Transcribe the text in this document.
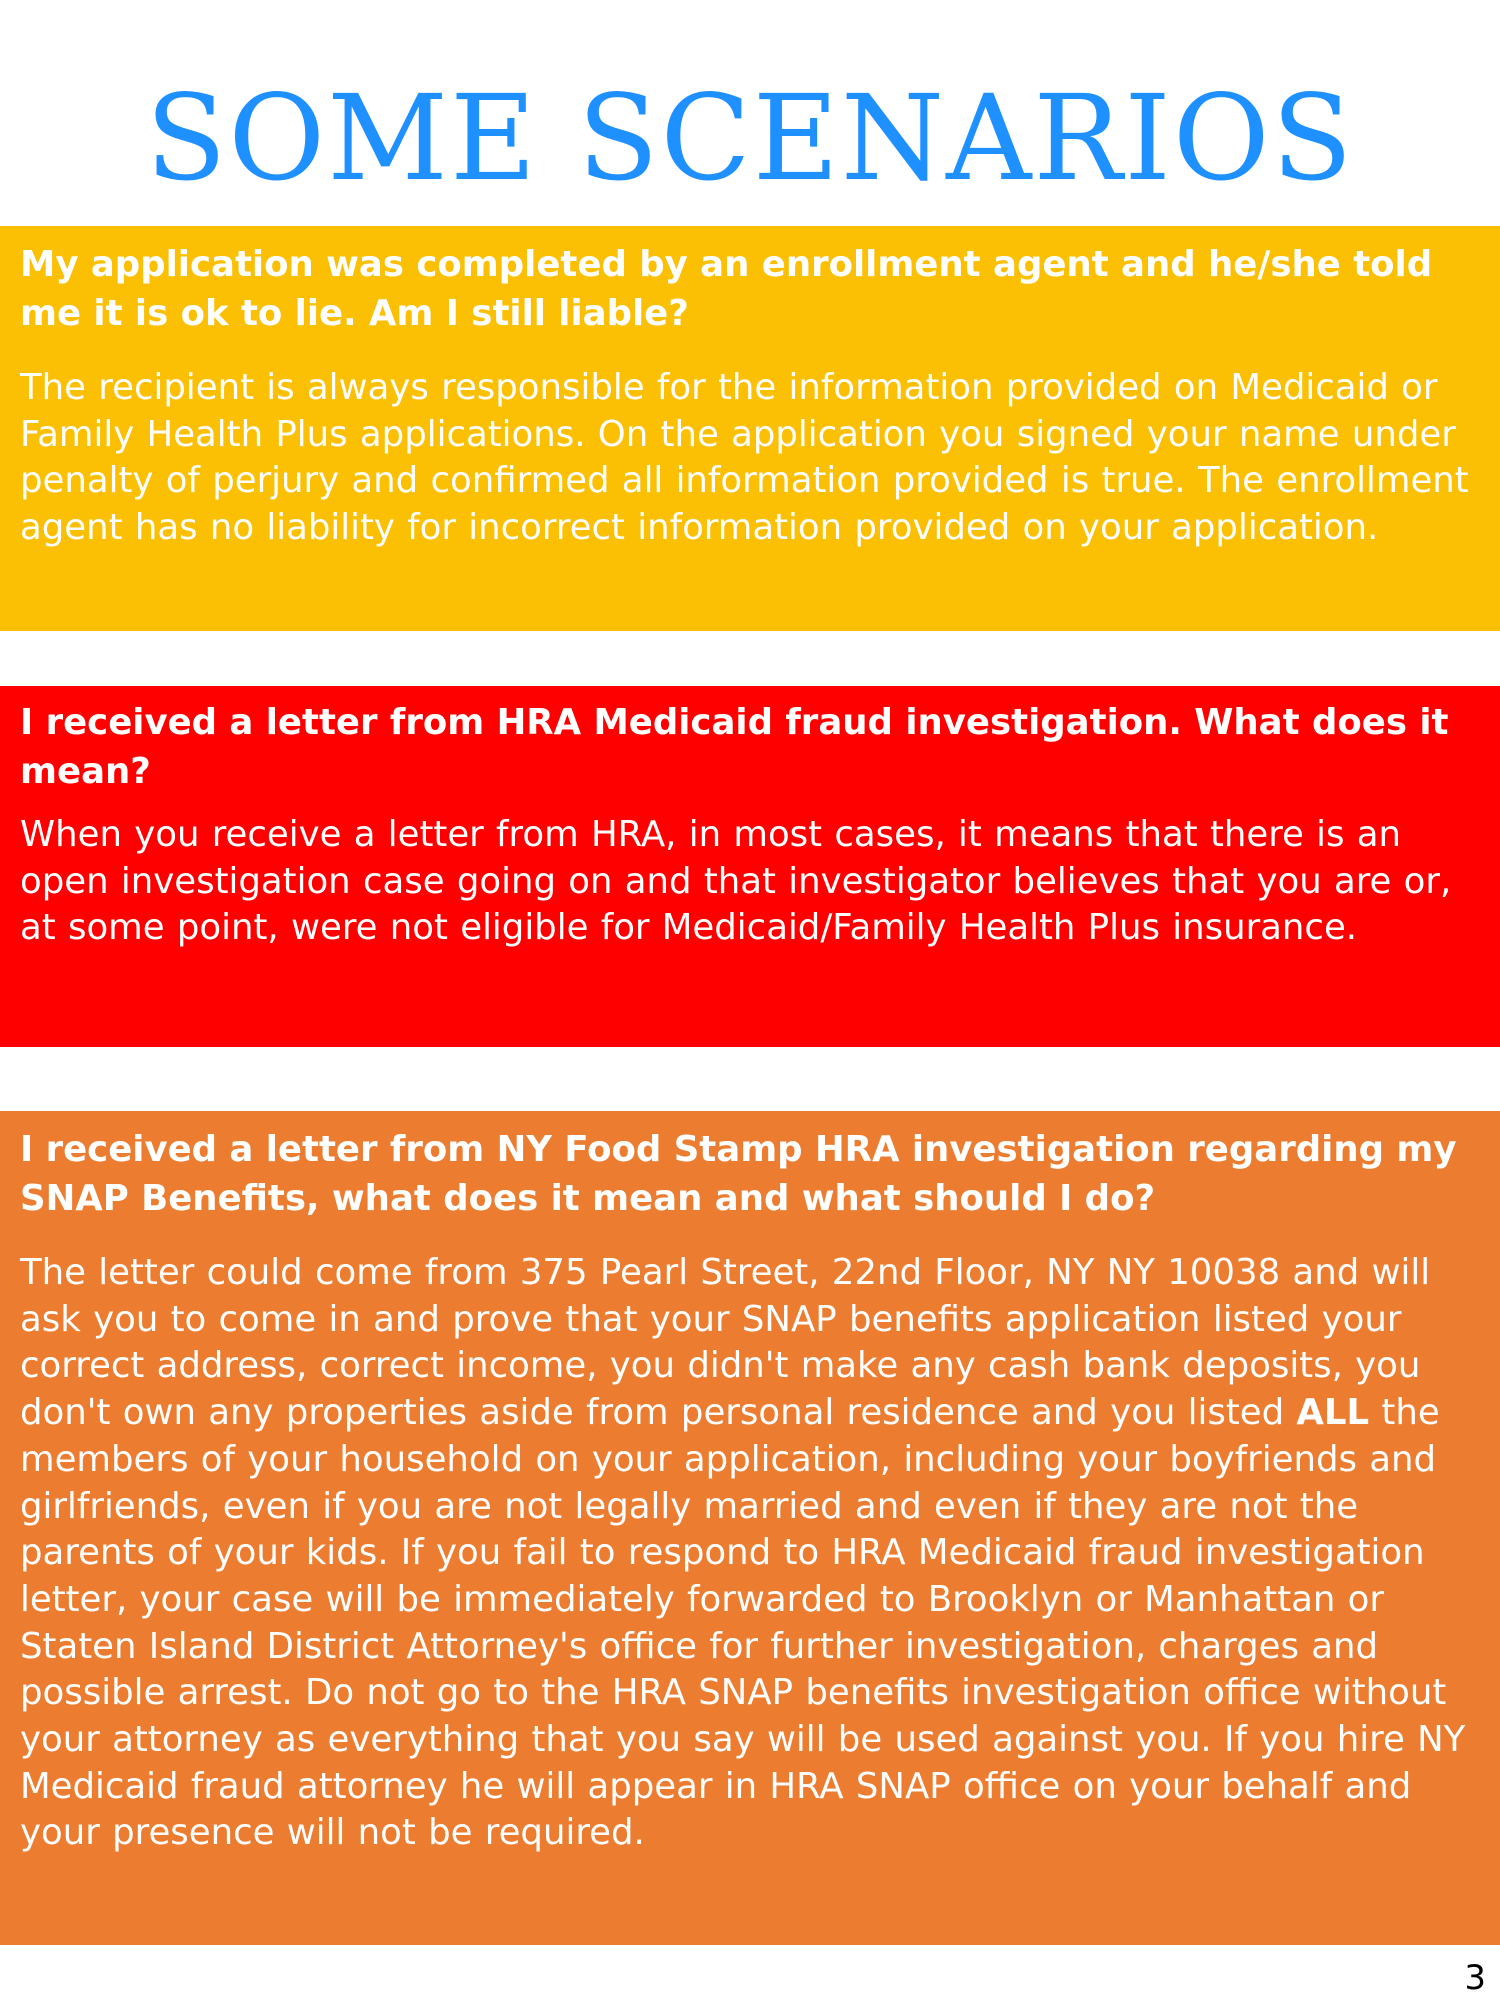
SOME SCENARIOS

My application was completed by an enrollment agent and he/she told me it is ok to lie. Am I still liable?

The recipient is always responsible for the information provided on Medicaid or Family Health Plus applications. On the application you signed your name under penalty of perjury and confirmed all information provided is true. The enrollment agent has no liability for incorrect information provided on your application.

I received a letter from HRA Medicaid fraud investigation. What does it mean?

When you receive a letter from HRA, in most cases, it means that there is an open investigation case going on and that investigator believes that you are or, at some point, were not eligible for Medicaid/Family Health Plus insurance.

I received a letter from NY Food Stamp HRA investigation regarding my SNAP Benefits, what does it mean and what should I do?

The letter could come from 375 Pearl Street, 22nd Floor, NY NY 10038 and will ask you to come in and prove that your SNAP benefits application listed your correct address, correct income, you didn't make any cash bank deposits, you don't own any properties aside from personal residence and you listed ALL the members of your household on your application, including your boyfriends and girlfriends, even if you are not legally married and even if they are not the parents of your kids. If you fail to respond to HRA Medicaid fraud investigation letter, your case will be immediately forwarded to Brooklyn or Manhattan or Staten Island District Attorney's office for further investigation, charges and possible arrest. Do not go to the HRA SNAP benefits investigation office without your attorney as everything that you say will be used against you. If you hire NY Medicaid fraud attorney he will appear in HRA SNAP office on your behalf and your presence will not be required.

3
